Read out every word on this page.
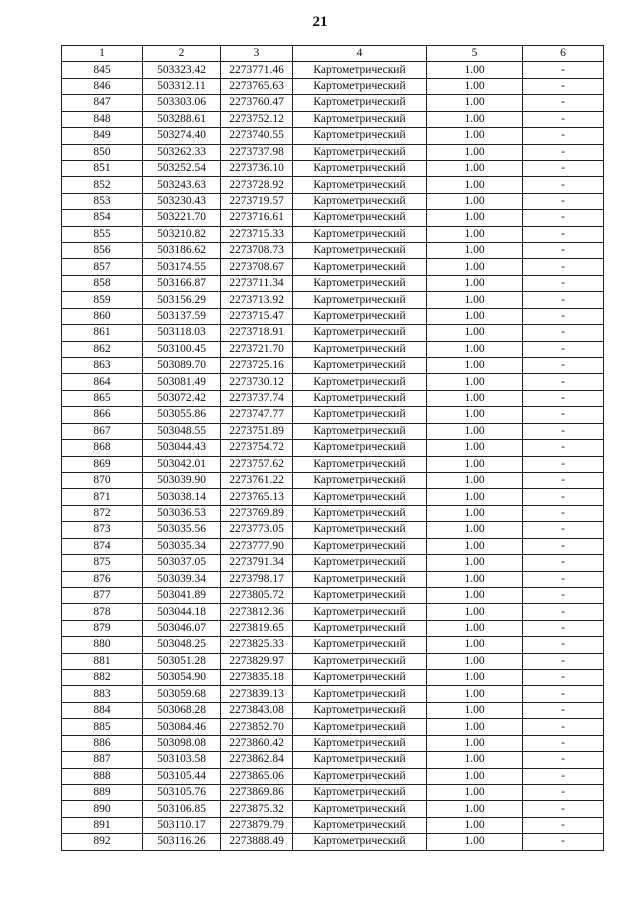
21
1	2	3	4	5	6
845	503323.42	2273771.46	Картометрический	1.00	-
846	503312.11	2273765.63	Картометрический	1.00	-
847	503303.06	2273760.47	Картометрический	1.00	-
848	503288.61	2273752.12	Картометрический	1.00	-
849	503274.40	2273740.55	Картометрический	1.00	-
850	503262.33	2273737.98	Картометрический	1.00	-
851	503252.54	2273736.10	Картометрический	1.00	-
852	503243.63	2273728.92	Картометрический	1.00	-
853	503230.43	2273719.57	Картометрический	1.00	-
854	503221.70	2273716.61	Картометрический	1.00	-
855	503210.82	2273715.33	Картометрический	1.00	-
856	503186.62	2273708.73	Картометрический	1.00	-
857	503174.55	2273708.67	Картометрический	1.00	-
858	503166.87	2273711.34	Картометрический	1.00	-
859	503156.29	2273713.92	Картометрический	1.00	-
860	503137.59	2273715.47	Картометрический	1.00	-
861	503118.03	2273718.91	Картометрический	1.00	-
862	503100.45	2273721.70	Картометрический	1.00	-
863	503089.70	2273725.16	Картометрический	1.00	-
864	503081.49	2273730.12	Картометрический	1.00	-
865	503072.42	2273737.74	Картометрический	1.00	-
866	503055.86	2273747.77	Картометрический	1.00	-
867	503048.55	2273751.89	Картометрический	1.00	-
868	503044.43	2273754.72	Картометрический	1.00	-
869	503042.01	2273757.62	Картометрический	1.00	-
870	503039.90	2273761.22	Картометрический	1.00	-
871	503038.14	2273765.13	Картометрический	1.00	-
872	503036.53	2273769.89	Картометрический	1.00	-
873	503035.56	2273773.05	Картометрический	1.00	-
874	503035.34	2273777.90	Картометрический	1.00	-
875	503037.05	2273791.34	Картометрический	1.00	-
876	503039.34	2273798.17	Картометрический	1.00	-
877	503041.89	2273805.72	Картометрический	1.00	-
878	503044.18	2273812.36	Картометрический	1.00	-
879	503046.07	2273819.65	Картометрический	1.00	-
880	503048.25	2273825.33	Картометрический	1.00	-
881	503051.28	2273829.97	Картометрический	1.00	-
882	503054.90	2273835.18	Картометрический	1.00	-
883	503059.68	2273839.13	Картометрический	1.00	-
884	503068.28	2273843.08	Картометрический	1.00	-
885	503084.46	2273852.70	Картометрический	1.00	-
886	503098.08	2273860.42	Картометрический	1.00	-
887	503103.58	2273862.84	Картометрический	1.00	-
888	503105.44	2273865.06	Картометрический	1.00	-
889	503105.76	2273869.86	Картометрический	1.00	-
890	503106.85	2273875.32	Картометрический	1.00	-
891	503110.17	2273879.79	Картометрический	1.00	-
892	503116.26	2273888.49	Картометрический	1.00	-
